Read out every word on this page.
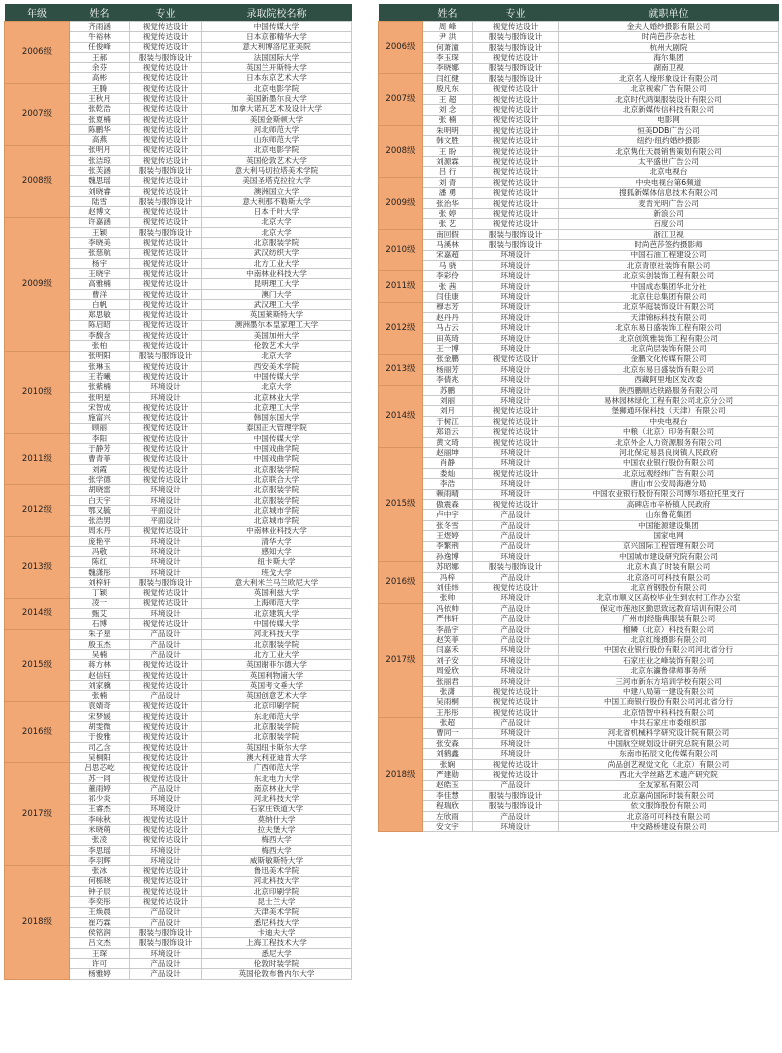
年级	姓名	专业	录取院校名称
2006级	齐雨涵	视觉传达设计	中国传媒大学
	牛裕林	视觉传达设计	日本京都精华大学
	任俊峰	视觉传达设计	意大利博洛尼亚美院
	王郝	服装与服饰设计	法国国际大学
	余芬	视觉传达设计	英国兰开斯特大学
	高彬	视觉传达设计	日本东京艺术大学
2007级	王腾	视觉传达设计	北京电影学院
	王秋月	视觉传达设计	美国新墨尔良大学
	张乾浩	视觉传达设计	加拿大诺瓦艺术及设计大学
	张夏楠	视觉传达设计	美国金斯顿大学
	陈鹏华	视觉传达设计	河北师范大学
	高燕	视觉传达设计	山东师范大学
2008级	张明月	视觉传达设计	北京电影学院
	张洁琼	视觉传达设计	英国伦敦艺术大学
	张芙涵	服装与服饰设计	意大利马切拉塔美术学院
	魏思瑶	视觉传达设计	美国圣塔克拉拉大学
	刘晓睿	视觉传达设计	澳洲国立大学
	陆雪	服装与服饰设计	意大利那不勒斯大学
	赵博文	视觉传达设计	日本千叶大学
2009级	许嘉涵	视觉传达设计	北京大学
	王颖	服装与服饰设计	北京大学
	李晓美	视觉传达设计	北京服装学院
	张慈航	视觉传达设计	武汉纺织大学
	杨宇	视觉传达设计	北方工业大学
	王晓宇	视觉传达设计	中南林业科技大学
	高雅楠	视觉传达设计	昆明理工大学
	曹洋	视觉传达设计	澳门大学
	白帆	视觉传达设计	武汉理工大学
	郑思敏	视觉传达设计	英国莱斯特大学
	陈启昭	视觉传达设计	澳洲墨尔本皇家理工大学
	李馥含	视觉传达设计	美国加州大学
	张柏	视觉传达设计	伦敦艺术大学
2010级	张明阳	服装与服饰设计	北京大学
	张琳玉	视觉传达设计	西安美术学院
	王若曦	视觉传达设计	中国传媒大学
	张紫楠	环境设计	北京大学
	张明星	环境设计	北京林业大学
	宋智成	视觉传达设计	北京理工大学
	施富兴	视觉传达设计	韩国东国大学
	顾丽	视觉传达设计	泰国正大管理学院
2011级	李阳	视觉传达设计	中国传媒大学
	于静芳	视觉传达设计	中国戏曲学院
	曹青菲	视觉传达设计	中国戏曲学院
	刘霞	视觉传达设计	北京服装学院
	张学德	视觉传达设计	北京联合大学
2012级	胡晓雷	环境设计	北京服装学院
	白天宇	环境设计	北京服装学院
	鄂又毓	平面设计	北京城市学院
	张浩男	平面设计	北京城市学院
	周永丹	视觉传达设计	中南林业科技大学
2013级	庞艳平	环境设计	清华大学
	冯敬	环境设计	感知大学
	陈红	环境设计	纽卡斯大学
	魏潇彤	环境设计	班戈大学
	刘梓轩	服装与服饰设计	意大利米兰马兰欧尼大学
	丁颖	视觉传达设计	英国利兹大学
2014级	凌一	视觉传达设计	上海师范大学
	甄艾	环境设计	北京建筑大学
	石博	视觉传达设计	中国传媒大学
2015级	朱子星	产品设计	河北科技大学
	殷玉杰	产品设计	北京服装学院
	吴楠	产品设计	北方工业大学
	蒋方林	视觉传达设计	英国谢菲尔德大学
	赵信钰	视觉传达设计	英国利物浦大学
	刘家骥	视觉传达设计	英国考文垂大学
	张楠	产品设计	英国创意艺术大学
2016级	袁婧奇	视觉传达设计	北京印刷学院
	宋梦媛	视觉传达设计	东北师范大学
	胡雯微	视觉传达设计	北京服装学院
	于俊雅	视觉传达设计	北京服装学院
	司乙含	视觉传达设计	英国纽卡斯尔大学
	吴桐阳	视觉传达设计	澳大利亚迪肯大学
2017级	吕思芯屹	视觉传达设计	广西师范大学
	苏一同	视觉传达设计	东北电力大学
	董雨婷	产品设计	南京林业大学
	祁少炎	环境设计	河北科技大学
	王睿杰	环境设计	石家庄铁道大学
	李咏秋	视觉传达设计	莫纳什大学
	米晓萌	视觉传达设计	拉夫堡大学
	张凌	视觉传达设计	梅西大学
	李思瑶	环境设计	梅西大学
	李羽辉	环境设计	威斯敏斯特大学
2018级	张冰	视觉传达设计	鲁迅美术学院
	何栎晓	视觉传达设计	河北科技大学
	钟子辰	视觉传达设计	北京印刷学院
	李奕彤	视觉传达设计	昆士兰大学
	王焕晨	产品设计	天津美术学院
	崔巧霖	产品设计	悉尼科技大学
	侯铭润	服装与服饰设计	卡迪夫大学
	吕文杰	服装与服饰设计	上海工程技术大学
	王琛	环境设计	悉尼大学
	许可	产品设计	伦敦时装学院
	杨雅婷	产品设计	英国伦敦布鲁内尔大学
	姓名	专业	就职单位
2006级	周 峰	视觉传达设计	金夫人婚纱摄影有限公司
	尹 洪	服装与服饰设计	时尚芭莎杂志社
	何萧潼	服装与服饰设计	杭州大剧院
	李玉琛	视觉传达设计	海尔集团
	李晓娜	服装与服饰设计	湖南卫视
2007级	闫红健	服装与服饰设计	北京名人缘形象设计有限公司
	殷凡东	视觉传达设计	北京视索广告有限公司
	王 超	视觉传达设计	北京时代鸿渠服装设计有限公司
	刘 念	视觉传达设计	北京新媒传信科技有限公司
	张 楠	视觉传达设计	电影网
2008级	朱明明	视觉传达设计	恒美DDB广告公司
	韩文胜	视觉传达设计	纽约·纽约婚纱摄影
	王 盼	视觉传达设计	北京隽仕天晨销售策划有限公司
	刘源霖	视觉传达设计	太平盛世广告公司
	吕 行	视觉传达设计	北京电视台
2009级	刘 青	视觉传达设计	中央电视台第6频道
	潘 勇	视觉传达设计	搜狐新媒体信息技术有限公司
	张治华	视觉传达设计	麦肯光明广告公司
	张 婷	视觉传达设计	新浪公司
	张 艺	视觉传达设计	百度公司
2010级	南回假	服装与服饰设计	浙江卫视
	马溪林	服装与服饰设计	时尚芭莎签约摄影师
	宋嘉超	环境设计	中国石油工程建设公司
	马 骁	环境设计	北京青原社装饰有限公司
2011级	李彩伶	环境设计	北京实创装饰工程有限公司
	张 茜	环境设计	中国成态集团华北分社
	闫佳康	环境设计	北京住总集团有限公司
2012级	穆志芳	环境设计	北京华庭装饰设计有限公司
	赵丹丹	环境设计	天津锦标科技有限公司
	马占云	环境设计	北京东易日盛装饰工程有限公司
	田英琦	环境设计	北京创筑雅装饰工程有限公司
	王一博	环境设计	北京尚层装饰有限公司
2013级	张金鹏	视觉传达设计	金鹏文化传媒有限公司
	杨丽芳	环境设计	北京东易日盛装饰有限公司
	李倩兆	环境设计	西藏阿里地区发改委
2014级	苏鹏	环境设计	陕西鹏顺达铁路服务有限公司
	刘丽	环境设计	易林园林绿化工程有限公司北京分公司
	刘月	视觉传达设计	堡狮通环保科技（天津）有限公司
	于树江	视觉传达设计	中央电视台
	郑语云	视觉传达设计	中粮（北京）印务有限公司
	黄文琦	视觉传达设计	北京外企人力资源服务有限公司
2015级	赵丽坤	环境设计	河北保定易县良岗镇人民政府
	肖静	环境设计	中国农业银行股份有限公司
	娄灿	视觉传达设计	北京远观经纬广告有限公司
	李浩	环境设计	唐山市公安局海港分局
	赖雨晴	环境设计	中国农业银行股份有限公司博尔塔拉托里支行
	傲震森	视觉传达设计	高碑店市辛桥镇人民政府
	卢中宇	产品设计	山东鲁花集团
	张冬雪	产品设计	中国能源建设集团
	王煜婷	产品设计	国家电网
	李繁荆	产品设计	京兴国际工程管理有限公司
	孙逸博	环境设计	中国城市建设研究院有限公司
2016级	苏昭娜	服装与服饰设计	北京木真了时装有限公司
	冯梓	产品设计	北京洛可可科技有限公司
	刘佳炜	视觉传达设计	北京首钢股份有限公司
	张帅	环境设计	北京市顺义区高校毕业生到农村工作办公室
2017级	冯依帅	产品设计	保定市莲池区勤思致远教育培训有限公司
	严伟轩	产品设计	广州市J经脂典服装有限公司
	李晶宇	产品设计	榴鳞（北京）科技有限公司
	赵笑菲	产品设计	北京红缘摄影有限公司
	闫嘉禾	环境设计	中国农业银行股份有限公司河北省分行
	刘子安	环境设计	石家庄业之峰装饰有限公司
	周爱欣	环境设计	北京东瀛鲁律师事务所
	张丽君	环境设计	三河市新东方培训学校有限公司
	张潇	视觉传达设计	中建八局第一建设有限公司
	吴雨桐	视觉传达设计	中国工商银行股份有限公司河北省分行
	王彤彤	视觉传达设计	北京悟智中科科技有限公司
2018级	张超	产品设计	中共石家庄市委组织部
	曹同一	环境设计	河北省机械科学研究设计院有限公司
	张安森	环境设计	中国航空规划设计研究总院有限公司
	刘鹤鑫	环境设计	东南市拓辰文化传媒有限公司
	张娴	视觉传达设计	尚品创艺视觉文化（北京）有限公司
	严建勋	视觉传达设计	西北大学丝路艺术遗产研究院
	赵皓玉	产品设计	全友家私有限公司
	李佳慧	服装与服饰设计	北京嘉尚国际时装有限公司
	程瑞欣	服装与服饰设计	依文服饰股份有限公司
	左欣雨	产品设计	北京洛可可科技有限公司
	安文宇	环境设计	中交路桥建设有限公司
